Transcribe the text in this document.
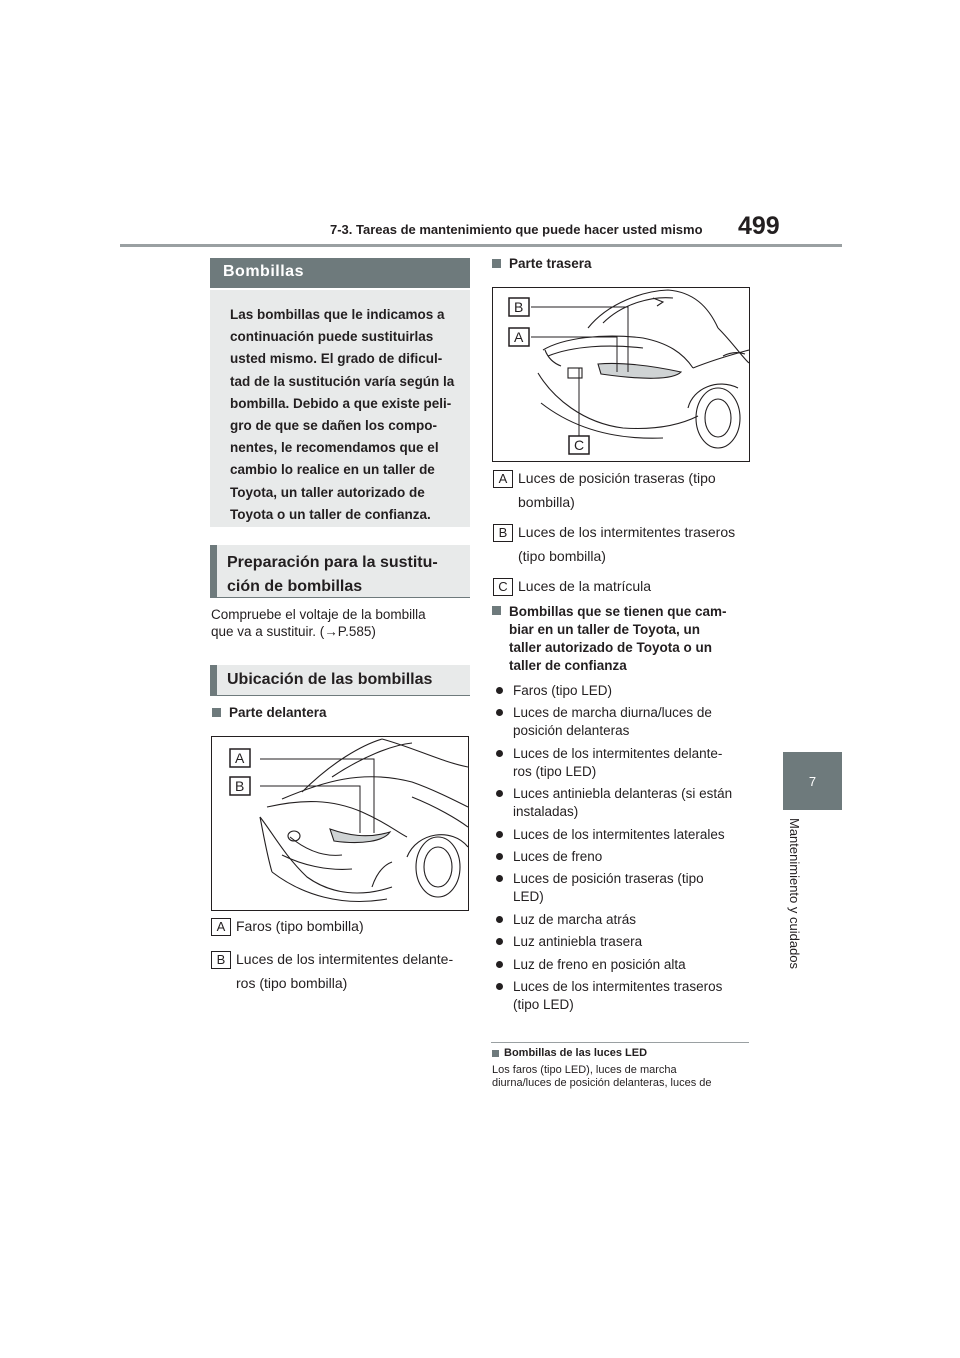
7-3. Tareas de mantenimiento que puede hacer usted mismo 499
7
Mantenimiento y cuidados
Bombillas
Las bombillas que le indicamos a
continuación puede sustituirlas
usted mismo. El grado de dificul-
tad de la sustitución varía según la
bombilla. Debido a que existe peli-
gro de que se dañen los compo-
nentes, le recomendamos que el
cambio lo realice en un taller de
Toyota, un taller autorizado de
Toyota o un taller de confianza.
Preparación para la sustitu-
ción de bombillas
Compruebe el voltaje de la bombilla
que va a sustituir. (→P.585)
Ubicación de las bombillas
Parte delantera
A
B
A Faros (tipo bombilla)
B Luces de los intermitentes delante-
ros (tipo bombilla)
Parte trasera
B
A
C
A Luces de posición traseras (tipo
bombilla)
B Luces de los intermitentes traseros
(tipo bombilla)
C Luces de la matrícula
Bombillas que se tienen que cam-
biar en un taller de Toyota, un
taller autorizado de Toyota o un
taller de confianza
Faros (tipo LED)
Luces de marcha diurna/luces de
posición delanteras
Luces de los intermitentes delante-
ros (tipo LED)
Luces antiniebla delanteras (si están
instaladas)
Luces de los intermitentes laterales
Luces de freno
Luces de posición traseras (tipo
LED)
Luz de marcha atrás
Luz antiniebla trasera
Luz de freno en posición alta
Luces de los intermitentes traseros
(tipo LED)
Bombillas de las luces LED
Los faros (tipo LED), luces de marcha
diurna/luces de posición delanteras, luces de
